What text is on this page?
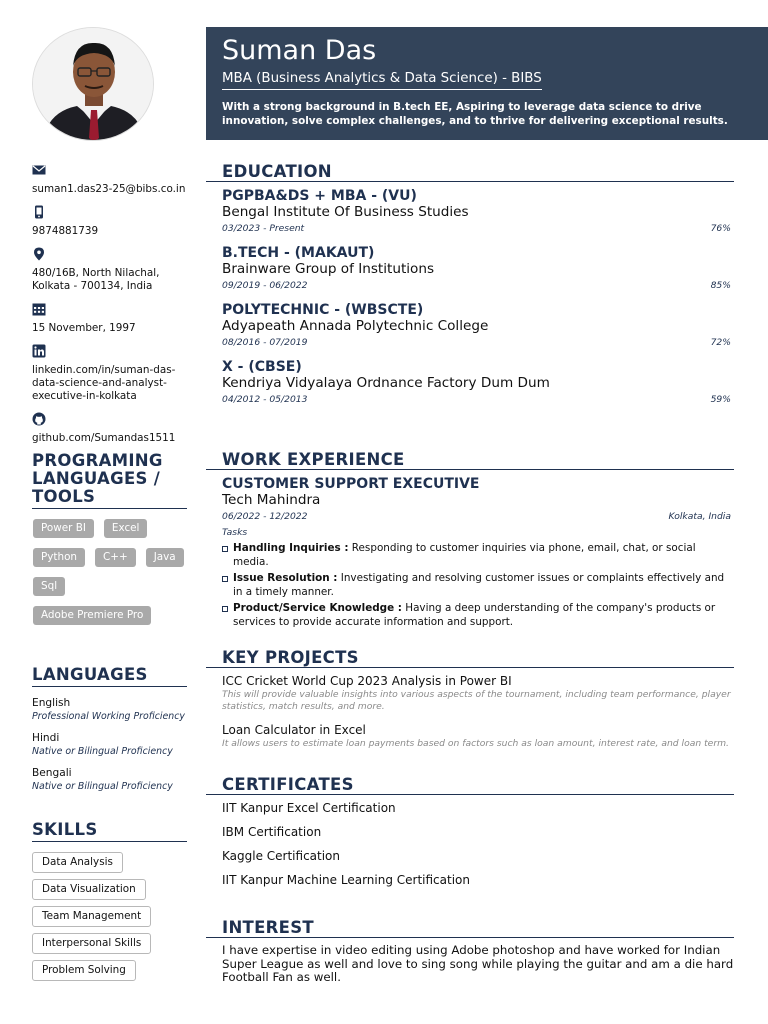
suman1.das23-25@bibs.co.in
9874881739
480/16B, North Nilachal, Kolkata - 700134, India
15 November, 1997
linkedin.com/in/suman-das-data-science-and-analyst-executive-in-kolkata
github.com/Sumandas1511
PROGRAMING LANGUAGES / TOOLS
Power BI	Excel
Python	C++	Java
Sql
Adobe Premiere Pro
LANGUAGES
English
Professional Working Proficiency
Hindi
Native or Bilingual Proficiency
Bengali
Native or Bilingual Proficiency
SKILLS
Data Analysis
Data Visualization
Team Management
Interpersonal Skills
Problem Solving
Suman Das
MBA (Business Analytics & Data Science) - BIBS
With a strong background in B.tech EE, Aspiring to leverage data science to drive innovation, solve complex challenges, and to thrive for delivering exceptional results.
EDUCATION
PGPBA&DS + MBA - (VU)
Bengal Institute Of Business Studies
03/2023 - Present	76%
B.TECH - (MAKAUT)
Brainware Group of Institutions
09/2019 - 06/2022	85%
POLYTECHNIC - (WBSCTE)
Adyapeath Annada Polytechnic College
08/2016 - 07/2019	72%
X - (CBSE)
Kendriya Vidyalaya Ordnance Factory Dum Dum
04/2012 - 05/2013	59%
WORK EXPERIENCE
CUSTOMER SUPPORT EXECUTIVE
Tech Mahindra
06/2022 - 12/2022	Kolkata, India
Tasks
Handling Inquiries : Responding to customer inquiries via phone, email, chat, or social media.
Issue Resolution : Investigating and resolving customer issues or complaints effectively and in a timely manner.
Product/Service Knowledge : Having a deep understanding of the company's products or services to provide accurate information and support.
KEY PROJECTS
ICC Cricket World Cup 2023 Analysis in Power BI
This will provide valuable insights into various aspects of the tournament, including team performance, player statistics, match results, and more.
Loan Calculator in Excel
It allows users to estimate loan payments based on factors such as loan amount, interest rate, and loan term.
CERTIFICATES
IIT Kanpur Excel Certification
IBM Certification
Kaggle Certification
IIT Kanpur Machine Learning Certification
INTEREST
I have expertise in video editing using Adobe photoshop and have worked for Indian Super League as well and love to sing song while playing the guitar and am a die hard Football Fan as well.
